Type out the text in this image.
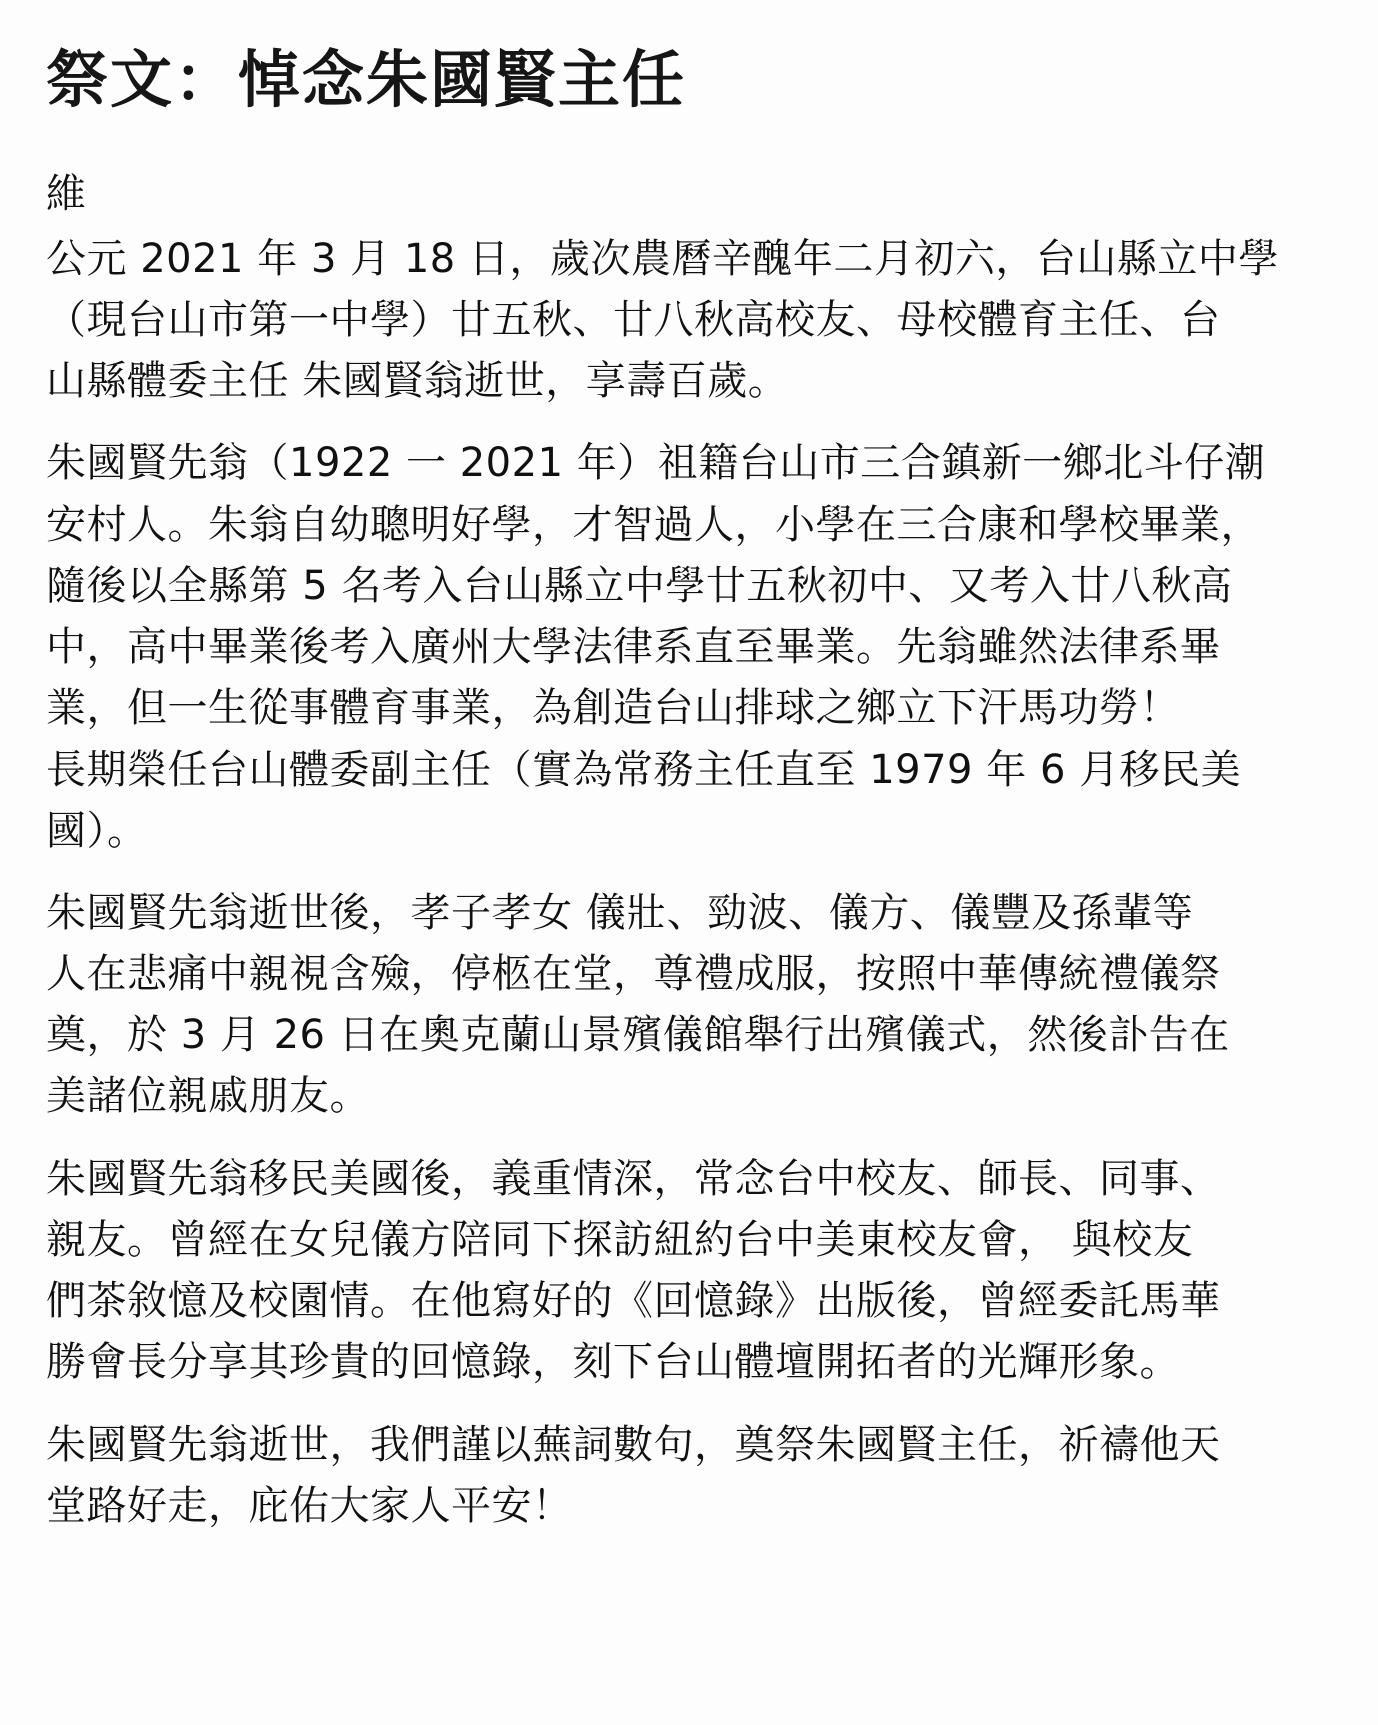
祭文：悼念朱國賢主任

維

公元 2021 年 3 月 18 日，歲次農曆辛醜年二月初六，台山縣立中學

（現台山市第一中學）廿五秋、廿八秋高校友、母校體育主任、台

山縣體委主任 朱國賢翁逝世，享壽百歲。

朱國賢先翁（1922 一 2021 年）祖籍台山市三合鎮新一鄉北斗仔潮

安村人。朱翁自幼聰明好學，才智過人，小學在三合康和學校畢業，

隨後以全縣第 5 名考入台山縣立中學廿五秋初中、又考入廿八秋高

中，高中畢業後考入廣州大學法律系直至畢業。先翁雖然法律系畢

業，但一生從事體育事業，為創造台山排球之鄉立下汗馬功勞！

長期榮任台山體委副主任（實為常務主任直至 1979 年 6 月移民美

國）。

朱國賢先翁逝世後，孝子孝女 儀壯、勁波、儀方、儀豐及孫輩等

人在悲痛中親視含殮，停柩在堂，尊禮成服，按照中華傳統禮儀祭

奠，於 3 月 26 日在奧克蘭山景殯儀館舉行出殯儀式，然後訃告在

美諸位親戚朋友。

朱國賢先翁移民美國後，義重情深，常念台中校友、師長、同事、

親友。曾經在女兒儀方陪同下探訪紐約台中美東校友會， 與校友

們茶敘憶及校園情。在他寫好的《回憶錄》出版後，曾經委託馬華

勝會長分享其珍貴的回憶錄，刻下台山體壇開拓者的光輝形象。

朱國賢先翁逝世，我們謹以蕪詞數句，奠祭朱國賢主任，祈禱他天

堂路好走，庇佑大家人平安！
